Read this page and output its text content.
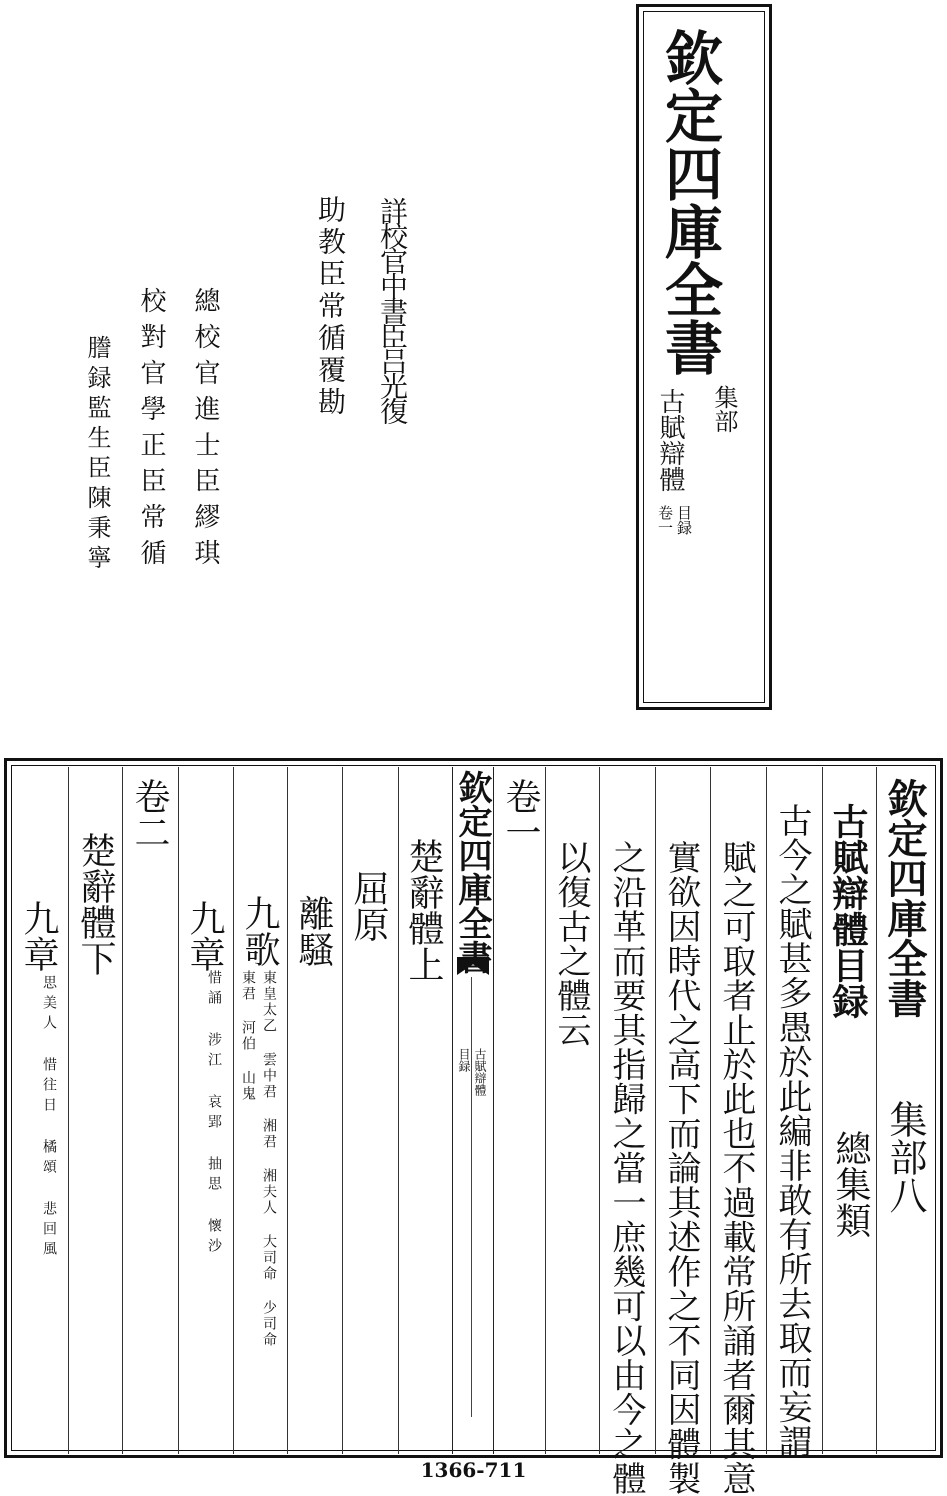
欽定四庫全書
集部
古賦辯體
目録
卷一
詳校官中書臣吕光復
助教臣常循覆勘
總校官進士臣繆琪
校對官學正臣常循
謄録監生臣陳秉寧
欽定四庫全書
集部八
古賦辯體目録
總集類
古今之賦甚多愚於此編非敢有所去取而妄謂
賦之可取者止於此也不過載常所誦者爾其意
實欲因時代之高下而論其述作之不同因體製
之沿革而要其指歸之當一庶幾可以由今之體
以復古之體云
卷一
欽定四庫全書
古賦辯體
目録
楚辭體上
屈原
離騷
九歌
東皇太乙 雲中君 湘君 湘夫人 大司命 少司命
東君 河伯 山鬼
九章
惜誦 涉江 哀郢 抽思 懷沙
卷二
楚辭體下
九章
思美人 惜往日 橘頌 悲回風
1366-711
